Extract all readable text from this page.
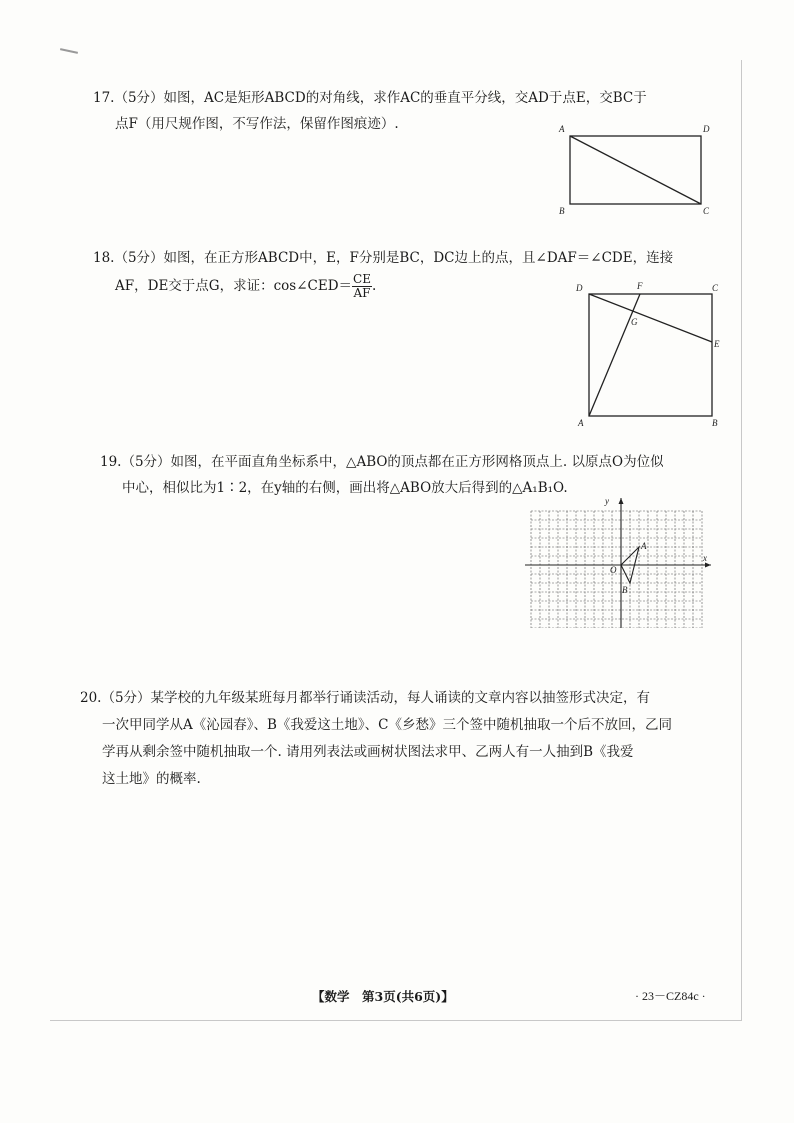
17.（5分）如图，AC是矩形ABCD的对角线，求作AC的垂直平分线，交AD于点E，交BC于

点F（用尺规作图，不写作法，保留作图痕迹）.	A	D
B	C

18.（5分）如图，在正方形ABCD中，E，F分别是BC，DC边上的点，且∠DAF＝∠CDE，连接

AF，DE交于点G，求证：cos∠CED＝ $\frac{CE}{AF}$ .	D	F	C
G
E
A	B

19.（5分）如图，在平面直角坐标系中，△ABO的顶点都在正方形网格顶点上. 以原点O为位似

中心，相似比为1∶2，在y轴的右侧，画出将△ABO放大后得到的△A₁B₁O.

y
x
A
O
B

20.（5分）某学校的九年级某班每月都举行诵读活动，每人诵读的文章内容以抽签形式决定，有

一次甲同学从A《沁园春》、B《我爱这土地》、C《乡愁》三个签中随机抽取一个后不放回，乙同

学再从剩余签中随机抽取一个. 请用列表法或画树状图法求甲、乙两人有一人抽到B《我爱

这土地》的概率.

【数学　第3页(共6页)】	· 23－CZ84c ·
